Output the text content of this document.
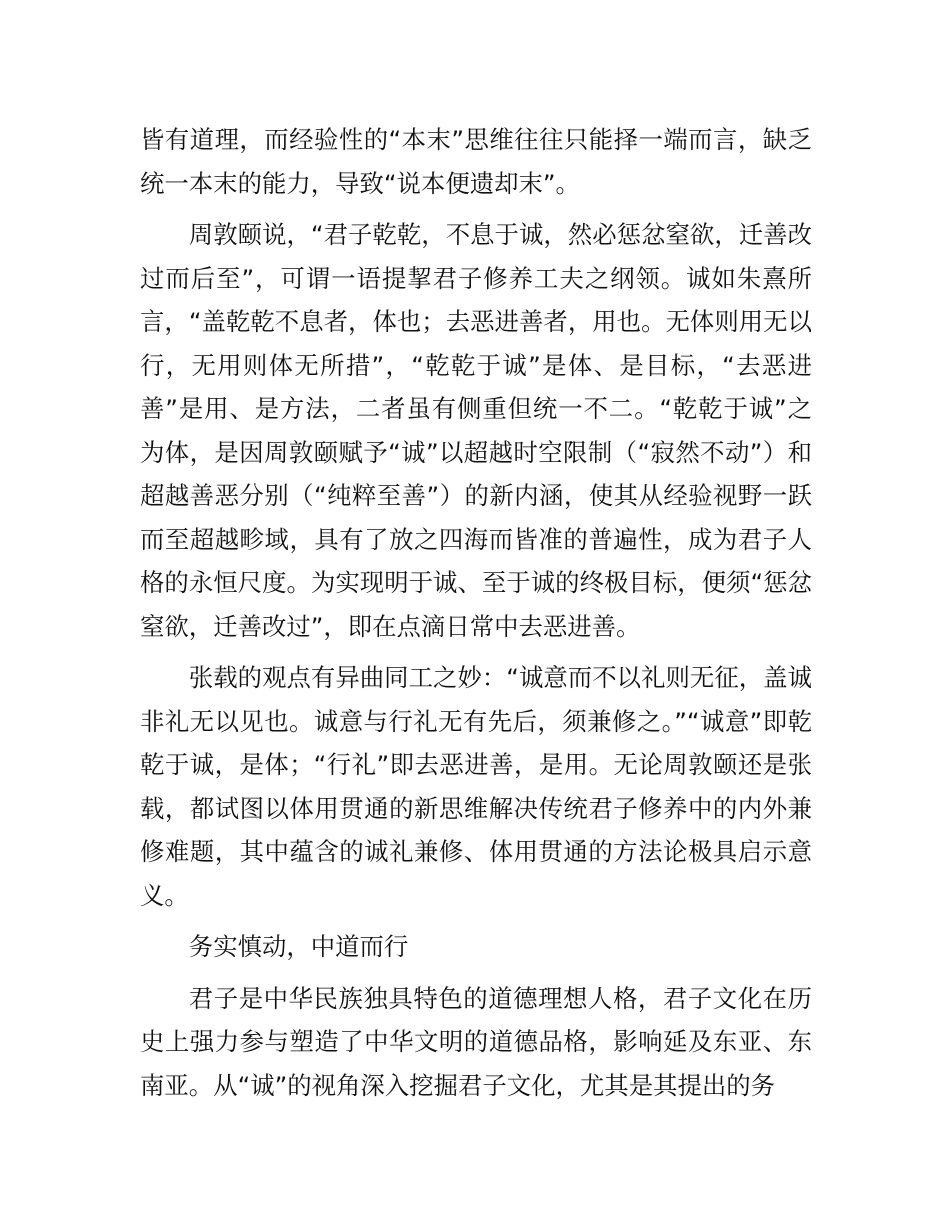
皆有道理，而经验性的“本末”思维往往只能择一端而言，缺乏统一本末的能力，导致“说本便遗却末”。

周敦颐说，“君子乾乾，不息于诚，然必惩忿窒欲，迁善改过而后至”，可谓一语提挈君子修养工夫之纲领。诚如朱熹所言，“盖乾乾不息者，体也；去恶进善者，用也。无体则用无以行，无用则体无所措”，“乾乾于诚”是体、是目标，“去恶进善”是用、是方法，二者虽有侧重但统一不二。“乾乾于诚”之为体，是因周敦颐赋予“诚”以超越时空限制（“寂然不动”）和超越善恶分别（“纯粹至善”）的新内涵，使其从经验视野一跃而至超越畛域，具有了放之四海而皆准的普遍性，成为君子人格的永恒尺度。为实现明于诚、至于诚的终极目标，便须“惩忿窒欲，迁善改过”，即在点滴日常中去恶进善。

张载的观点有异曲同工之妙：“诚意而不以礼则无征，盖诚非礼无以见也。诚意与行礼无有先后，须兼修之。”“诚意”即乾乾于诚，是体；“行礼”即去恶进善，是用。无论周敦颐还是张载，都试图以体用贯通的新思维解决传统君子修养中的内外兼修难题，其中蕴含的诚礼兼修、体用贯通的方法论极具启示意义。

务实慎动，中道而行

君子是中华民族独具特色的道德理想人格，君子文化在历史上强力参与塑造了中华文明的道德品格，影响延及东亚、东南亚。从“诚”的视角深入挖掘君子文化，尤其是其提出的务
